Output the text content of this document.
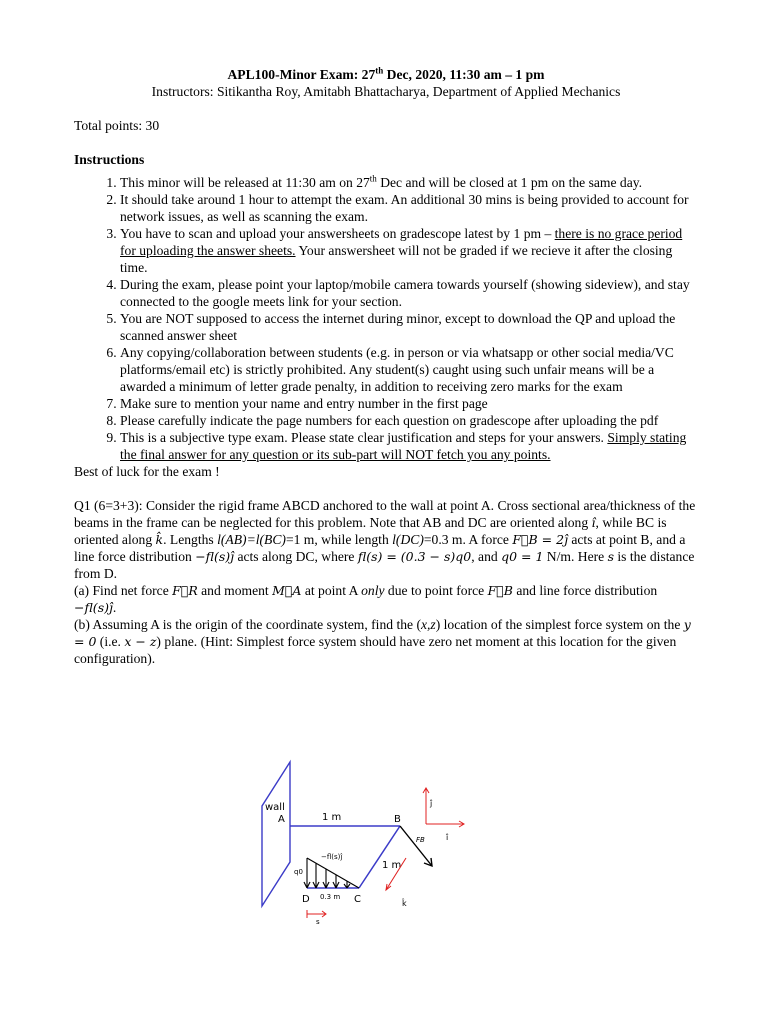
APL100-Minor Exam: 27th Dec, 2020, 11:30 am – 1 pm
Instructors: Sitikantha Roy, Amitabh Bhattacharya, Department of Applied Mechanics
Total points: 30
Instructions
1. This minor will be released at 11:30 am on 27th Dec and will be closed at 1 pm on the same day.
2. It should take around 1 hour to attempt the exam. An additional 30 mins is being provided to account for network issues, as well as scanning the exam.
3. You have to scan and upload your answersheets on gradescope latest by 1 pm – there is no grace period for uploading the answer sheets. Your answersheet will not be graded if we recieve it after the closing time.
4. During the exam, please point your laptop/mobile camera towards yourself (showing sideview), and stay connected to the google meets link for your section.
5. You are NOT supposed to access the internet during minor, except to download the QP and upload the scanned answer sheet
6. Any copying/collaboration between students (e.g. in person or via whatsapp or other social media/VC platforms/email etc) is strictly prohibited. Any student(s) caught using such unfair means will be a awarded a minimum of letter grade penalty, in addition to receiving zero marks for the exam
7. Make sure to mention your name and entry number in the first page
8. Please carefully indicate the page numbers for each question on gradescope after uploading the pdf
9. This is a subjective type exam. Please state clear justification and steps for your answers. Simply stating the final answer for any question or its sub-part will NOT fetch you any points.
Best of luck for the exam !
Q1 (6=3+3): Consider the rigid frame ABCD anchored to the wall at point A. Cross sectional area/thickness of the beams in the frame can be neglected for this problem. Note that AB and DC are oriented along î, while BC is oriented along k̂. Lengths l(AB)=l(BC)=1 m, while length l(DC)=0.3 m. A force F⃗B = 2ĵ acts at point B, and a line force distribution −fl(s)ĵ acts along DC, where fl(s) = (0.3 − s)q0, and q0 = 1 N/m. Here s is the distance from D.
(a) Find net force F⃗R and moment M⃗A at point A only due to point force F⃗B and line force distribution −fl(s)ĵ.
(b) Assuming A is the origin of the coordinate system, find the (x,z) location of the simplest force system on the y = 0 (i.e. x − z) plane. (Hint: Simplest force system should have zero net moment at this location for the given configuration).
wall
A	1 m	B
1 m
C
D 0.3 m
−fl(s)ĵ
q0
s
FB
ĵ
î
k̂
